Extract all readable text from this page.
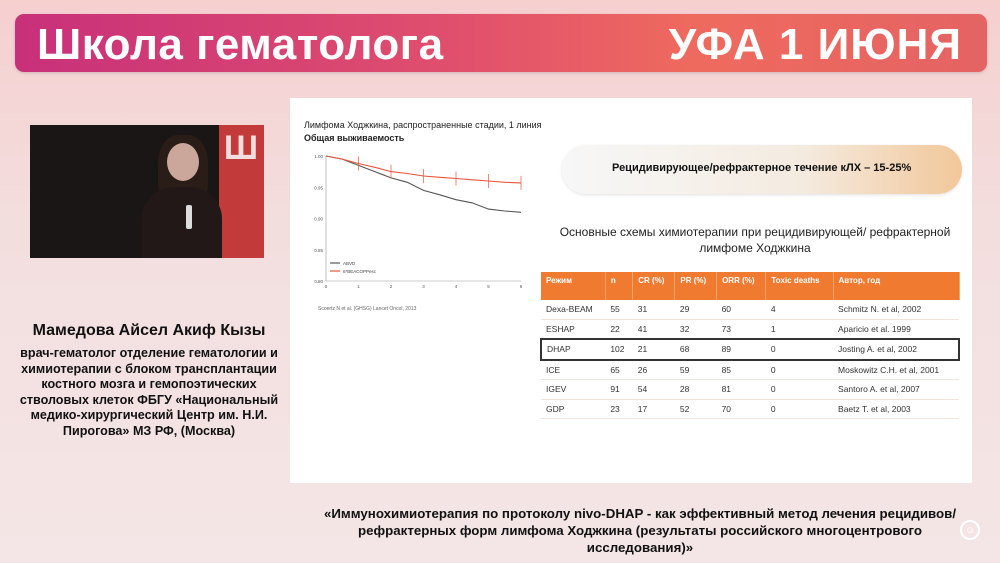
Школа гематолога	УФА 1 ИЮНЯ
Ш
Мамедова Айсел Акиф Кызы
врач-гематолог отделение гематологии и химиотерапии с блоком трансплантации костного мозга и гемопоэтических стволовых клеток ФБГУ «Национальный медико-хирургический Центр им. Н.И. Пирогова» МЗ РФ, (Москва)
Лимфома Ходжкина, распространенные стадии, 1 линия
Общая выживаемость
1.00
0.95
0.90
0.85
0.80
0	1	2	3	4	5	6
ABVD
6*BEACOPPesc
Scoertz N et al. (GHSG) Lancet Oncol, 2013
Рецидивирующее/рефрактерное течение кЛХ – 15-25%
Основные схемы химиотерапии при рецидивирующей/ рефрактерной лимфоме Ходжкина
Режим	n	CR (%)	PR (%)	ORR (%)	Toxic deaths	Автор, год
Dexa-BEAM	55	31	29	60	4	Schmitz N. et al, 2002
ESHAP	22	41	32	73	1	Aparicio et al. 1999
DHAP	102	21	68	89	0	Josting A. et al, 2002
ICE	65	26	59	85	0	Moskowitz C.H. et al, 2001
IGEV	91	54	28	81	0	Santoro A. et al, 2007
GDP	23	17	52	70	0	Baetz T. et al, 2003
«Иммунохимиотерапия по протоколу nivo-DHAP - как эффективный метод лечения рецидивов/рефрактерных форм лимфома Ходжкина (результаты российского многоцентрового исследования)»
⊙
